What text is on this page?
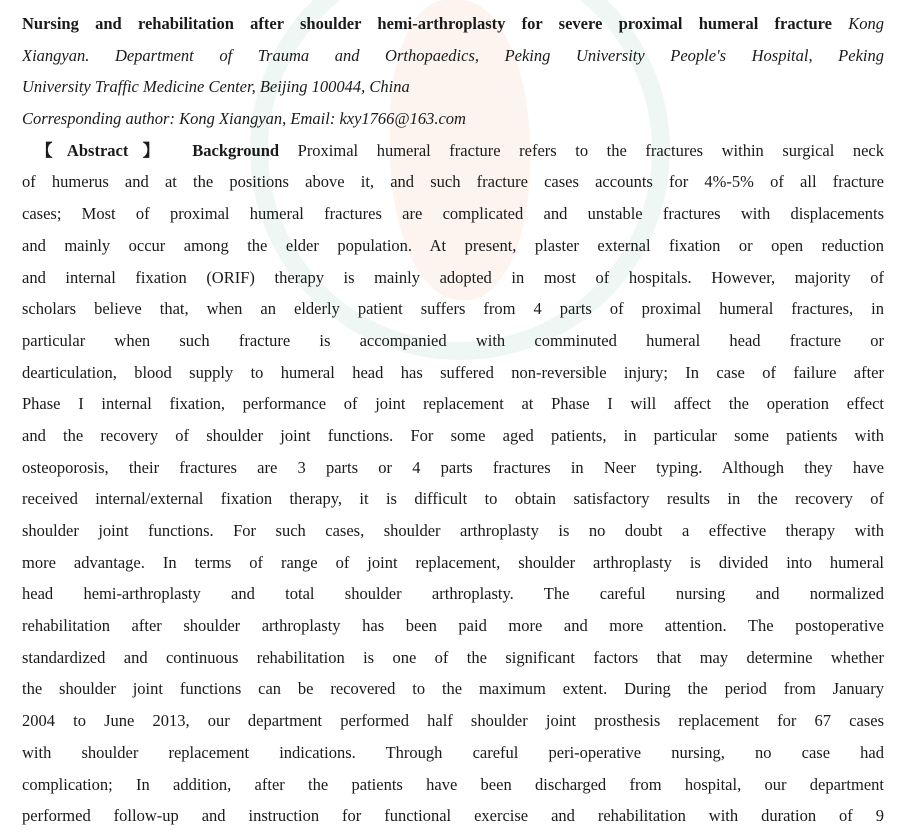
Nursing and rehabilitation after shoulder hemi-arthroplasty for severe proximal humeral fracture Kong
Xiangyan. Department of Trauma and Orthopaedics, Peking University People's Hospital, Peking
University Traffic Medicine Center, Beijing 100044, China
Corresponding author: Kong Xiangyan, Email: kxy1766@163.com
【Abstract】 Background Proximal humeral fracture refers to the fractures within surgical neck
of humerus and at the positions above it, and such fracture cases accounts for 4%-5% of all fracture
cases; Most of proximal humeral fractures are complicated and unstable fractures with displacements
and mainly occur among the elder population. At present, plaster external fixation or open reduction
and internal fixation (ORIF) therapy is mainly adopted in most of hospitals. However, majority of
scholars believe that, when an elderly patient suffers from 4 parts of proximal humeral fractures, in
particular when such fracture is accompanied with comminuted humeral head fracture or
dearticulation, blood supply to humeral head has suffered non-reversible injury; In case of failure after
Phase I internal fixation, performance of joint replacement at Phase I will affect the operation effect
and the recovery of shoulder joint functions. For some aged patients, in particular some patients with
osteoporosis, their fractures are 3 parts or 4 parts fractures in Neer typing. Although they have
received internal/external fixation therapy, it is difficult to obtain satisfactory results in the recovery of
shoulder joint functions. For such cases, shoulder arthroplasty is no doubt a effective therapy with
more advantage. In terms of range of joint replacement, shoulder arthroplasty is divided into humeral
head hemi-arthroplasty and total shoulder arthroplasty. The careful nursing and normalized
rehabilitation after shoulder arthroplasty has been paid more and more attention. The postoperative
standardized and continuous rehabilitation is one of the significant factors that may determine whether
the shoulder joint functions can be recovered to the maximum extent. During the period from January
2004 to June 2013, our department performed half shoulder joint prosthesis replacement for 67 cases
with shoulder replacement indications. Through careful peri-operative nursing, no case had
complication; In addition, after the patients have been discharged from hospital, our department
performed follow-up and instruction for functional exercise and rehabilitation with duration of 9
